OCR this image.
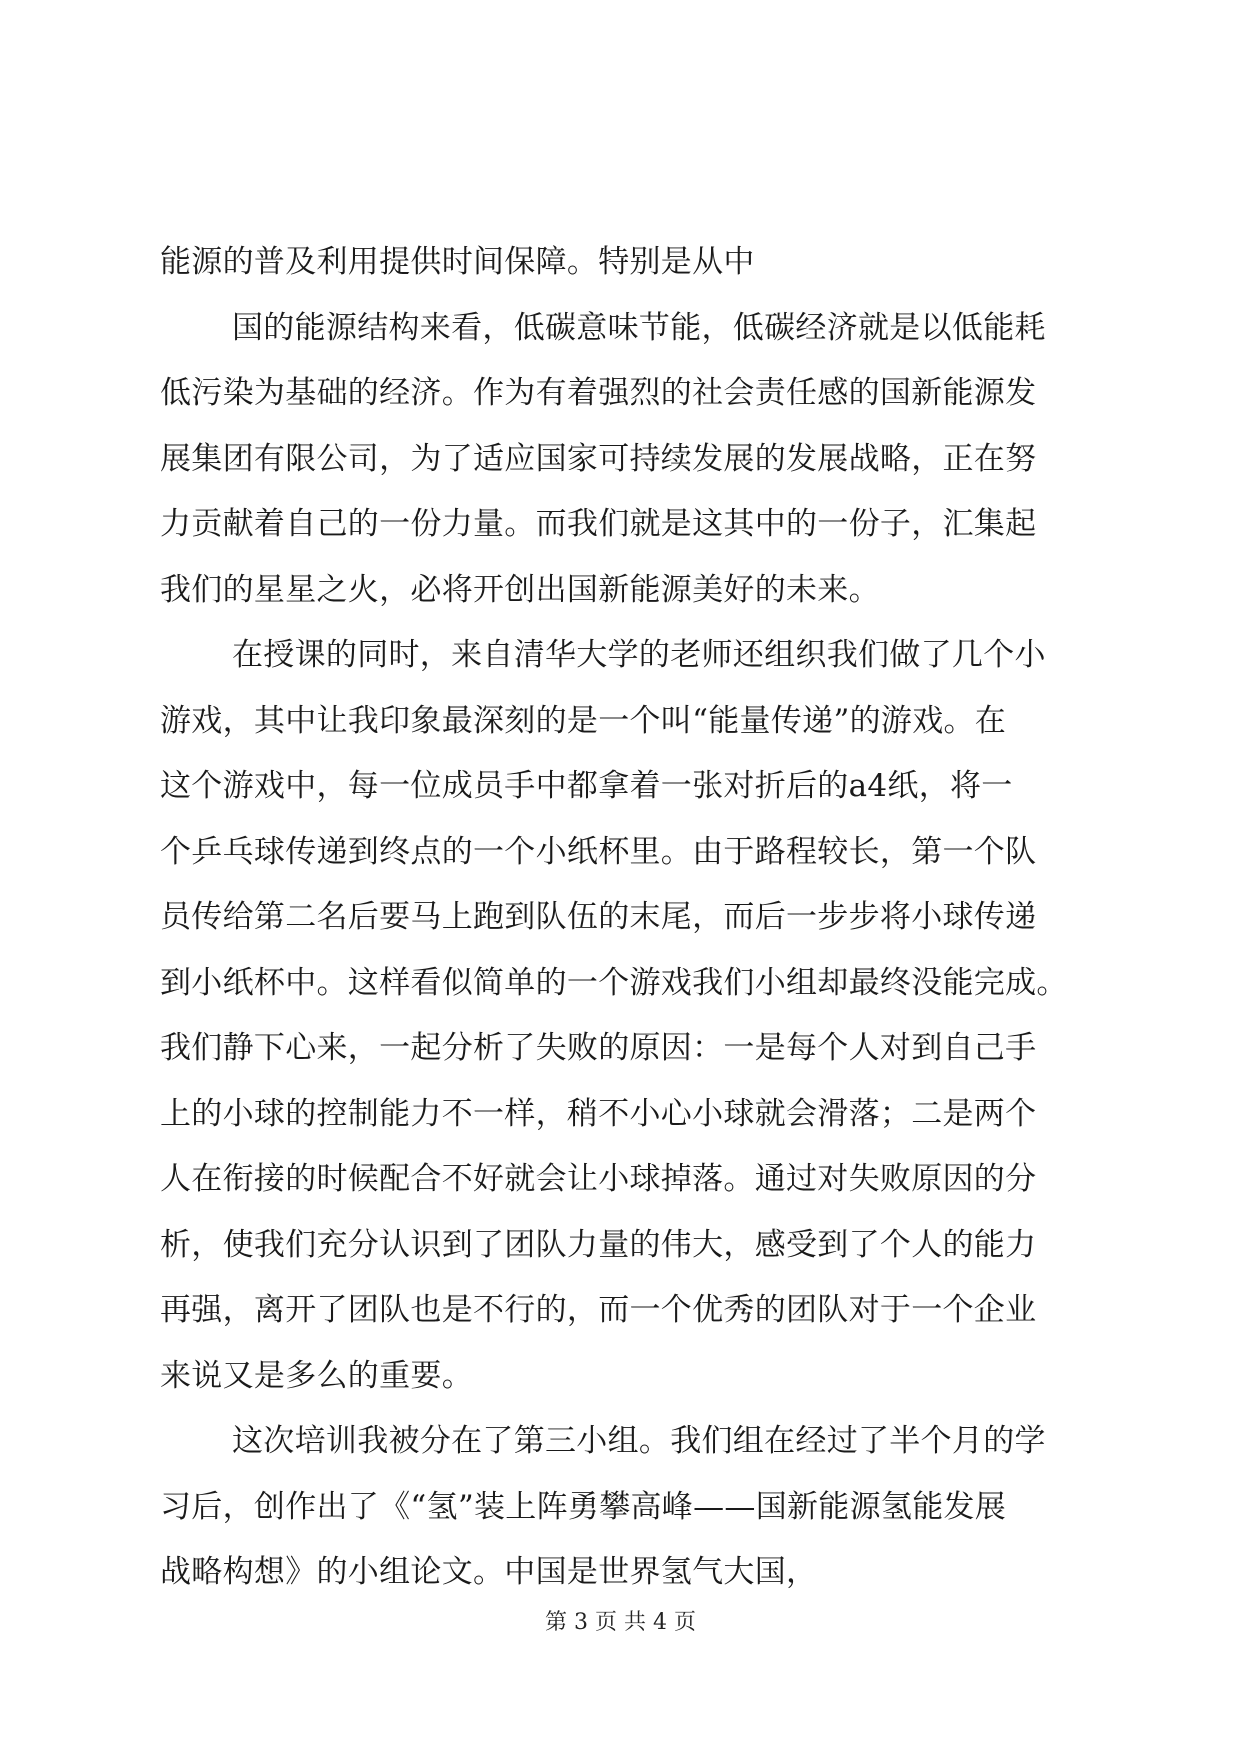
能源的普及利用提供时间保障。特别是从中
国的能源结构来看，低碳意味节能，低碳经济就是以低能耗
低污染为基础的经济。作为有着强烈的社会责任感的国新能源发
展集团有限公司，为了适应国家可持续发展的发展战略，正在努
力贡献着自己的一份力量。而我们就是这其中的一份子，汇集起
我们的星星之火，必将开创出国新能源美好的未来。
在授课的同时，来自清华大学的老师还组织我们做了几个小
游戏，其中让我印象最深刻的是一个叫“能量传递”的游戏。在
这个游戏中，每一位成员手中都拿着一张对折后的a4纸，将一
个乒乓球传递到终点的一个小纸杯里。由于路程较长，第一个队
员传给第二名后要马上跑到队伍的末尾，而后一步步将小球传递
到小纸杯中。这样看似简单的一个游戏我们小组却最终没能完成。
我们静下心来，一起分析了失败的原因：一是每个人对到自己手
上的小球的控制能力不一样，稍不小心小球就会滑落；二是两个
人在衔接的时候配合不好就会让小球掉落。通过对失败原因的分
析，使我们充分认识到了团队力量的伟大，感受到了个人的能力
再强，离开了团队也是不行的，而一个优秀的团队对于一个企业
来说又是多么的重要。
这次培训我被分在了第三小组。我们组在经过了半个月的学
习后，创作出了《“氢”装上阵勇攀高峰——国新能源氢能发展
战略构想》的小组论文。中国是世界氢气大国，
第 3 页 共 4 页
